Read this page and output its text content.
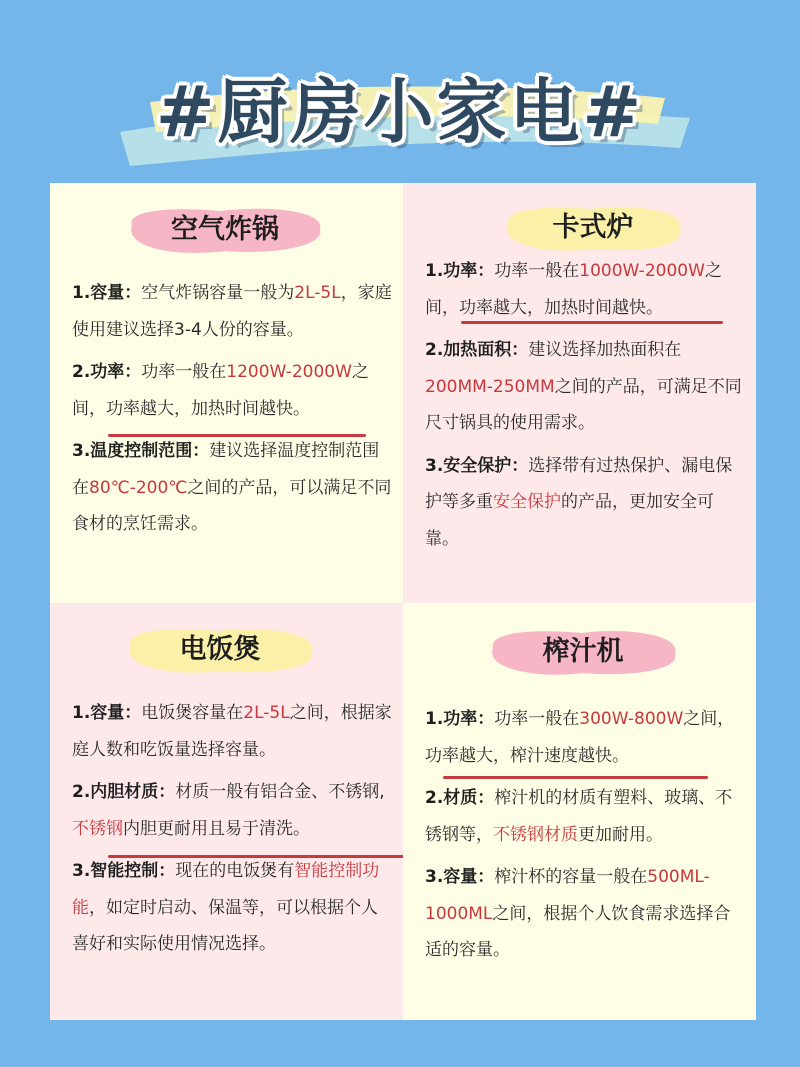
#厨房小家电#
空气炸锅

1.容量：空气炸锅容量一般为2L-5L，家庭使用建议选择3-4人份的容量。

2.功率：功率一般在1200W-2000W之间，功率越大，加热时间越快。

3.温度控制范围：建议选择温度控制范围在80℃-200℃之间的产品，可以满足不同食材的烹饪需求。

卡式炉

1.功率：功率一般在1000W-2000W之间，功率越大，加热时间越快。

2.加热面积：建议选择加热面积在200MM-250MM之间的产品，可满足不同尺寸锅具的使用需求。

3.安全保护：选择带有过热保护、漏电保护等多重安全保护的产品，更加安全可靠。

电饭煲

1.容量：电饭煲容量在2L-5L之间，根据家庭人数和吃饭量选择容量。

2.内胆材质：材质一般有铝合金、不锈钢,不锈钢内胆更耐用且易于清洗。

3.智能控制：现在的电饭煲有智能控制功能，如定时启动、保温等，可以根据个人喜好和实际使用情况选择。

榨汁机

1.功率：功率一般在300W-800W之间，功率越大，榨汁速度越快。

2.材质：榨汁机的材质有塑料、玻璃、不锈钢等，不锈钢材质更加耐用。

3.容量：榨汁杯的容量一般在500ML-1000ML之间，根据个人饮食需求选择合适的容量。
